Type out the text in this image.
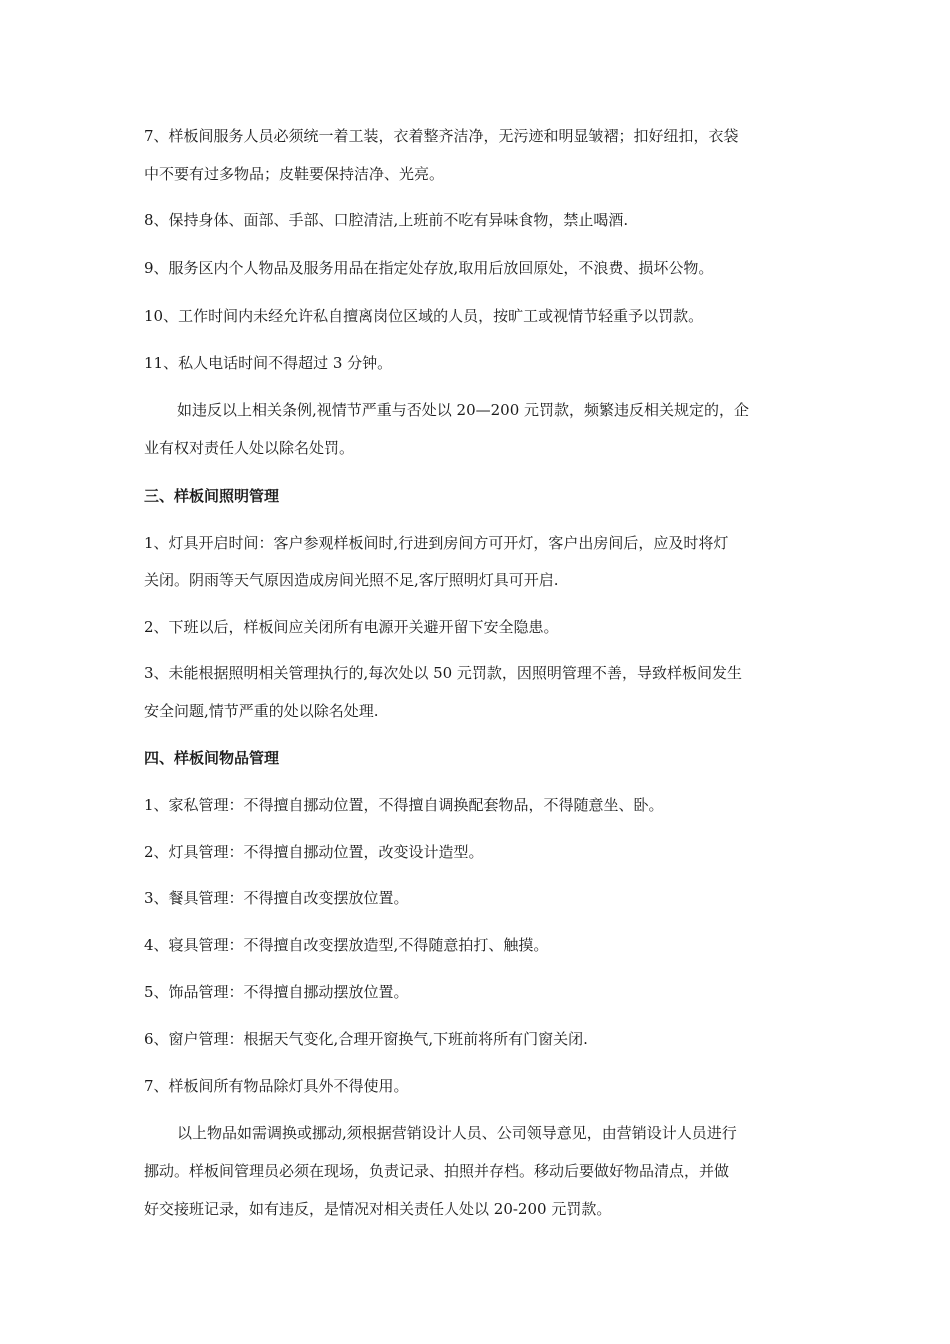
7、样板间服务人员必须统一着工装，衣着整齐洁净，无污迹和明显皱褶；扣好纽扣，衣袋
中不要有过多物品；皮鞋要保持洁净、光亮。
8、保持身体、面部、手部、口腔清洁,上班前不吃有异味食物，禁止喝酒.
9、服务区内个人物品及服务用品在指定处存放,取用后放回原处，不浪费、损坏公物。
10、工作时间内未经允许私自擅离岗位区域的人员，按旷工或视情节轻重予以罚款。
11、私人电话时间不得超过 3 分钟。
如违反以上相关条例,视情节严重与否处以 20—200 元罚款，频繁违反相关规定的，企
业有权对责任人处以除名处罚。
三、样板间照明管理
1、灯具开启时间：客户参观样板间时,行进到房间方可开灯，客户出房间后，应及时将灯
关闭。阴雨等天气原因造成房间光照不足,客厅照明灯具可开启.
2、下班以后，样板间应关闭所有电源开关避开留下安全隐患。
3、未能根据照明相关管理执行的,每次处以 50 元罚款，因照明管理不善，导致样板间发生
安全问题,情节严重的处以除名处理.
四、样板间物品管理
1、家私管理：不得擅自挪动位置，不得擅自调换配套物品，不得随意坐、卧。
2、灯具管理：不得擅自挪动位置，改变设计造型。
3、餐具管理：不得擅自改变摆放位置。
4、寝具管理：不得擅自改变摆放造型,不得随意拍打、触摸。
5、饰品管理：不得擅自挪动摆放位置。
6、窗户管理：根据天气变化,合理开窗换气,下班前将所有门窗关闭.
7、样板间所有物品除灯具外不得使用。
以上物品如需调换或挪动,须根据营销设计人员、公司领导意见，由营销设计人员进行
挪动。样板间管理员必须在现场，负责记录、拍照并存档。移动后要做好物品清点，并做
好交接班记录，如有违反，是情况对相关责任人处以 20-200 元罚款。
